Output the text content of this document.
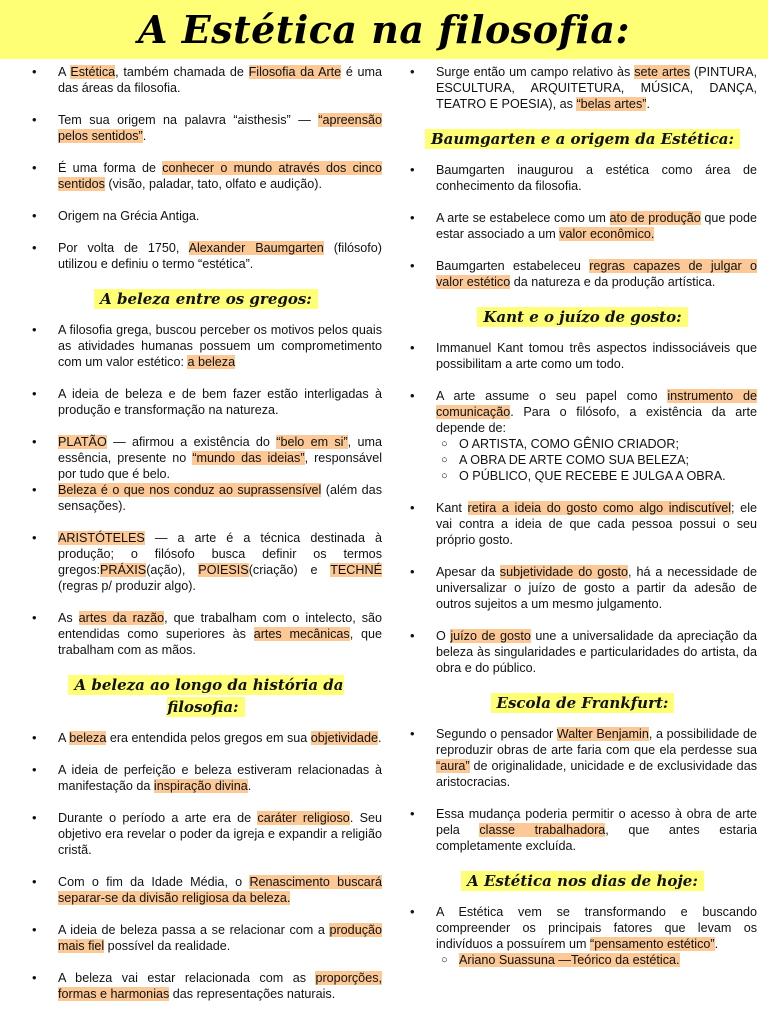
A Estética na filosofia:
• A Estética, também chamada de Filosofia da Arte é uma das áreas da filosofia.
• Tem sua origem na palavra “aisthesis” — “apreensão pelos sentidos”.
• É uma forma de conhecer o mundo através dos cinco sentidos (visão, paladar, tato, olfato e audição).
• Origem na Grécia Antiga.
• Por volta de 1750, Alexander Baumgarten (filósofo) utilizou e definiu o termo “estética”.
A beleza entre os gregos:
• A filosofia grega, buscou perceber os motivos pelos quais as atividades humanas possuem um comprometimento com um valor estético: a beleza
• A ideia de beleza e de bem fazer estão interligadas à produção e transformação na natureza.
• PLATÃO — afirmou a existência do “belo em si”, uma essência, presente no “mundo das ideias”, responsável por tudo que é belo.
• Beleza é o que nos conduz ao suprassensível (além das sensações).
• ARISTÓTELES — a arte é a técnica destinada à produção; o filósofo busca definir os termos gregos:PRÁXIS(ação), POIESIS(criação) e TECHNÉ (regras p/ produzir algo).
• As artes da razão, que trabalham com o intelecto, são entendidas como superiores às artes mecânicas, que trabalham com as mãos.
A beleza ao longo da história da filosofia:
• A beleza era entendida pelos gregos em sua objetividade.
• A ideia de perfeição e beleza estiveram relacionadas à manifestação da inspiração divina.
• Durante o período a arte era de caráter religioso. Seu objetivo era revelar o poder da igreja e expandir a religião cristã.
• Com o fim da Idade Média, o Renascimento buscará separar-se da divisão religiosa da beleza.
• A ideia de beleza passa a se relacionar com a produção mais fiel possível da realidade.
• A beleza vai estar relacionada com as proporções, formas e harmonias das representações naturais.
• Surge então um campo relativo às sete artes (PINTURA, ESCULTURA, ARQUITETURA, MÚSICA, DANÇA, TEATRO E POESIA), as “belas artes”.
Baumgarten e a origem da Estética:
• Baumgarten inaugurou a estética como área de conhecimento da filosofia.
• A arte se estabelece como um ato de produção que pode estar associado a um valor econômico.
• Baumgarten estabeleceu regras capazes de julgar o valor estético da natureza e da produção artística.
Kant e o juízo de gosto:
• Immanuel Kant tomou três aspectos indissociáveis que possibilitam a arte como um todo.
• A arte assume o seu papel como instrumento de comunicação. Para o filósofo, a existência da arte depende de:
○ O ARTISTA, COMO GÊNIO CRIADOR;
○ A OBRA DE ARTE COMO SUA BELEZA;
○ O PÚBLICO, QUE RECEBE E JULGA A OBRA.
• Kant retira a ideia do gosto como algo indiscutível; ele vai contra a ideia de que cada pessoa possui o seu próprio gosto.
• Apesar da subjetividade do gosto, há a necessidade de universalizar o juízo de gosto a partir da adesão de outros sujeitos a um mesmo julgamento.
• O juízo de gosto une a universalidade da apreciação da beleza às singularidades e particularidades do artista, da obra e do público.
Escola de Frankfurt:
• Segundo o pensador Walter Benjamin, a possibilidade de reproduzir obras de arte faria com que ela perdesse sua “aura” de originalidade, unicidade e de exclusividade das aristocracias.
• Essa mudança poderia permitir o acesso à obra de arte pela classe trabalhadora, que antes estaria completamente excluída.
A Estética nos dias de hoje:
• A Estética vem se transformando e buscando compreender os principais fatores que levam os indivíduos a possuírem um “pensamento estético”.
○ Ariano Suassuna —Teórico da estética.
